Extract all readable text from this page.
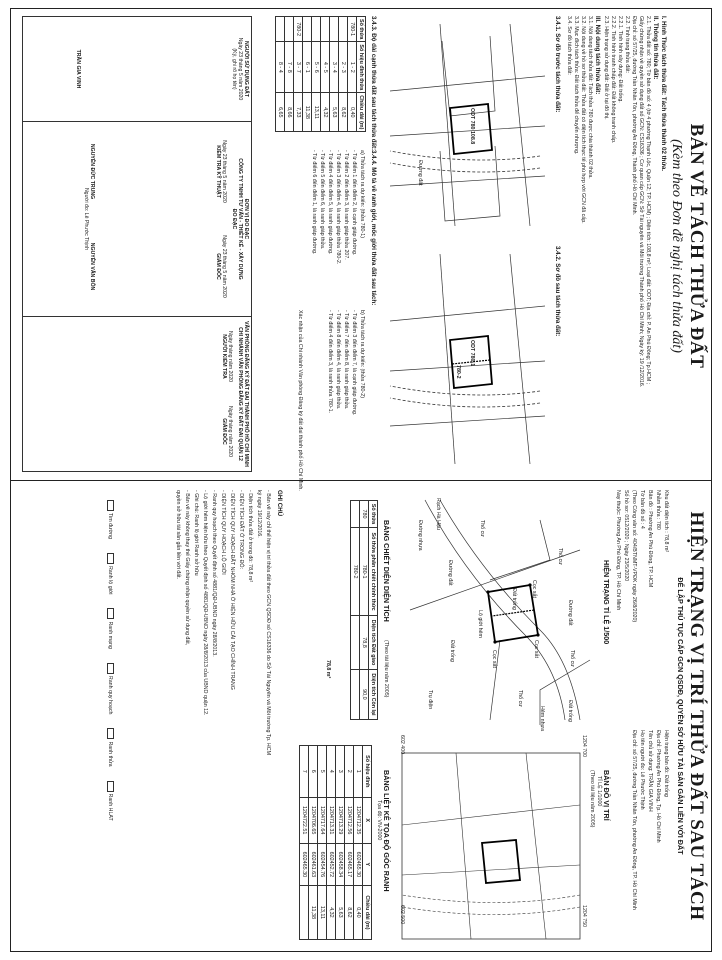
BẢN VẼ TÁCH THỬA ĐẤT
(Kèm theo Đơn đề nghị tách thửa đất)
I. Hình Thức tách thửa đất: Tách thửa thành 02 thửa.
II. Thông tin thửa đất:
2.1. Thửa đất số: 780; Tờ bản đồ số: 4 (tờ 4 phường Thạnh Lộc, Quận 12; TP. HCM) ; Diện tích: 108,8 m²; Loại đất: ODT; Địa chỉ: P. An Phú Đông; Tp.HCM ;
Giấy chứng nhận về quyền sử dụng đất số GCN: CS16336 ; Cơ quan cấp GCN: Sở Tài nguyên và Môi trường Thành phố Hồ Chí Minh; Ngày ký: 19 /12/2016.
Địa chỉ: số 57/25, đường Trần Nhân Tôn, phường An Đông, Thành phố Hồ Chí Minh.
2.2. Tình trạng thửa đất:
2.2.1. Tình hình xây dựng: Đất trống.
2.2.2. Tình hình tranh chấp đất: Đất không tranh chấp.
2.3. Hiện trạng sử dụng đất: Đất ở tại đô thị.
III. Nội dung tách thửa đất:
3.1. Nội dung tách thửa đất: Tách thửa 780 được chia thành 02 thửa.
3.2. Nội dung về hồ sơ thửa đất: Thửa đất có diện tích thực tế phù hợp với GCN đã cấp.
3.3. Mục đích tách thửa: Đất tách thửa để chuyển nhượng.
3.4. Sơ đồ tách thửa đất:
3.4.1. Sơ đồ trước tách thửa đất:
ODT 780 108.8
Đường đất
3.4.2. Sơ đồ sau tách thửa đất:
ODT 780-1
780-2
3.4.3. Độ dài cạnh thửa đất sau tách thửa đất:
Số thửa	Số hiệu đỉnh thửa	Chiều dài (m)
780-1	1 - 2	0,40
	2 - 3	8,62
	3 - 4	5,63
	4 - 5	4,32
	5 - 6	13,11
	6 - 1	11,38
780-2	3 - 7	7,33
	7 - 8	8,66
	8 - 4	6,65
3.4.4. Mô tả về ranh giới, mốc giới thửa đất sau tách:
a) Thửa tách ra dự kiến: (thửa 780-1)
- Từ điểm 1 đến điểm 2, là cạnh giáp đường.
- Từ điểm 2 đến điểm 3, là ranh giáp thửa 207.
- Từ điểm 3 đến điểm 4, là ranh giáp thửa 780-2.
- Từ điểm 4 đến điểm 5, là ranh giáp đường.
- Từ điểm 5 đến điểm 6, là ranh giáp thửa.
- Từ điểm 6 đến điểm 1, là ranh giáp đường.
b) Thửa tách ra dự kiến: (thửa 780-2)
- Từ điểm 3 đến điểm 7, là cạnh giáp đường.
- Từ điểm 7 đến điểm 8, là ranh giáp thửa.
- Từ điểm 8 đến điểm 4, là ranh giáp thửa.
- Từ điểm 4 đến điểm 3, là ranh thửa 780-1.
Xác nhận của Chi nhánh Văn phòng Đăng ký đất đai thành phố Hồ Chí Minh.
NGƯỜI SỬ DỤNG ĐẤT
Ngày 23 tháng 5 năm 2020
(Ký, ghi rõ họ tên)
TRẦN GIA VINH

ĐƠN VỊ ĐO ĐẠC
CÔNG TY TNHH TƯ VẤN - THIẾT KẾ - XÂY DỰNG
ĐO ĐẠC
Ngày 23 tháng 5 năm 2020
KIỂM TRA KỸ THUẬT
NGUYỄN ĐỨC TRUNG
Ngày 23 tháng 5 năm 2020
GIÁM ĐỐC
NGUYỄN VĂN BÔN
Người đo: Lê Phước Thịnh

VĂN PHÒNG ĐĂNG KÝ ĐẤT ĐAI THÀNH PHỐ HỒ CHÍ MINH
CHI NHÁNH VĂN PHÒNG ĐĂNG KÝ ĐẤT ĐAI QUẬN 12
Ngày tháng năm 2020
NGƯỜI KIỂM TRA
Ngày tháng năm 2020
GIÁM ĐỐC
HIỆN TRẠNG VỊ TRÍ THỬA ĐẤT SAU TÁCH
ĐỂ LẬP THỦ TỤC CẤP GCN QSDĐ, QUYỀN SỞ HỮU TÀI SẢN GẮN LIỀN VỚI ĐẤT
Khu đất diện tích : 78,8 m²
Nhằm thửa : 780
Bản đồ : Phường An Phú Đông, TP. HCM
Tờ bản đồ số : 4
(Theo Công văn số: 404/BTNMT-VPĐK ngày 26/8/2020)
Số hồ sơ: 0512/2020 ; Ngày 23/5/2020
Nay thuộc: Phường An Phú Đông, TP. Hồ Chí Minh
Hiện trạng bản đồ: Đất trống
Địa chỉ: Phường An Phú Đông, Tp. Hồ Chí Minh
Tên chủ sử dụng: TRẦN GIA VINH
Họ tên người đo: Lê Phước Thịnh
Địa chỉ: số 57/25, đường Trần Nhân Tôn, phường An Đông, TP. Hồ Chí Minh
HIỆN TRẠNG TỈ LỆ 1/500
Thổ cư
Thổ cư
Thổ cư
Thổ cư
Đất trống
Đất trống
Đất trống
Hẻm nhựa
Lộ giới hẻm
Cọc sắt
Cọc sắt
Cọc sắt
Đường đất
Rạch Hà Hậu
Đường nhựa
Trụ điện
Đường đất
BẢN ĐỒ VỊ TRÍ
TỈ LỆ 1/1000
(Theo tài liệu năm 2005)
1204 700
1204 750
602 400
602 500
BẢNG CHIẾT DIỆN DIỆN TÍCH
(Theo tài liệu năm 2005)
Số thửa	Số thửa phân chiết chính thức	Diện tích Đất giao	Diện tích Còn lại
780	780-1	78,8	90,0
	780-2		
78,8 m²
BẢNG LIỆT KÊ TỌA ĐỘ GÓC RANH
Tọa độ: VN-2000
Số hiệu đỉnh	X	Y	Chiều dài (m)
1	1204712.35	602465.30	0,40
2	1204712.56	602465.17	8,62
3	1204713.29	602458.34	5,63
4	1204713.31	602452.72	4,32
5	1204717.64	602454.76	13,11
6	1204706.65	602461.63	11,38
7	1204722.51	602465.30	
GHI CHÚ
- Bản vẽ này chỉ thể hiện vị trí thửa đất theo GCN QSDĐ số CS16336 do Sở Tài Nguyên và Môi trường Tp. HCM
ký ngày 19/12/2016.
- Diện tích thửa đất ở trong đó: 78,8 m²
- DIỆN TÍCH ĐẤT Ở TRONG ĐÓ:
- DIỆN TÍCH QUY HOẠCH ĐẤT NHÓM NHÀ Ở HIỆN HỮU CẢI TẠO CHỈNH TRANG
- DIỆN TÍCH QUY HOẠCH LỘ GIỚI
- Ranh quy hoạch theo Quyết định số 4881/QĐ-UBND ngày 28/8/2013.
- Lộ giới hẻm hiện hữu theo Quyết định số 4881/QĐ-UBND ngày 28/8/2013 của UBND quận 12.
- Ghi chú: Ranh lộ giới Ranh sở hữu
- Bản vẽ này không thay thế Giấy chứng nhận quyền sử dụng đất,
quyền sở hữu tài sản gắn liền với đất.
Tim đườngRanh lộ giớiRanh mạngRanh quy hoạchRanh thửaRanh HLAT
